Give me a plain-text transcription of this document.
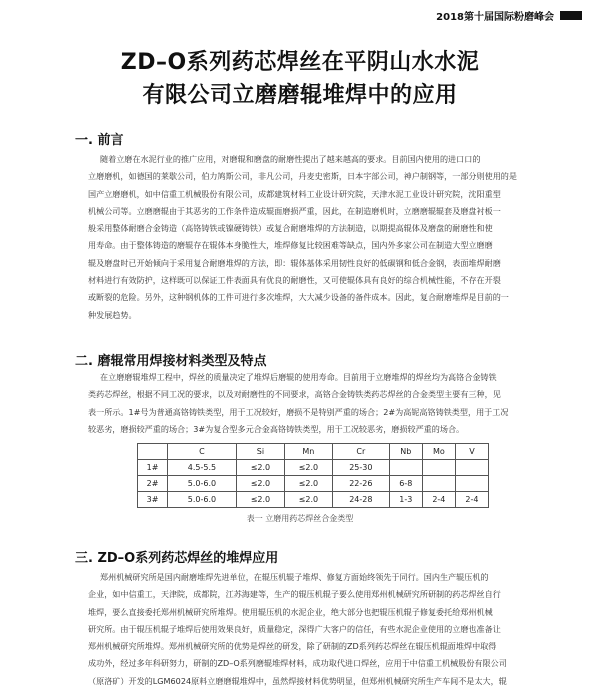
2018第十届国际粉磨峰会
ZD–O系列药芯焊丝在平阴山水水泥
有限公司立磨磨辊堆焊中的应用
一. 前言
随着立磨在水泥行业的推广应用，对磨辊和磨盘的耐磨性提出了越来越高的要求。目前国内使用的进口口的
立磨磨机，如德国的莱歇公司，伯力鸠斯公司，非凡公司，丹麦史密斯，日本宇部公司，神户制钢等，一部分则使用的是
国产立磨磨机，如中信重工机械股份有限公司，成都建筑材料工业设计研究院，天津水泥工业设计研究院，沈阳重型
机械公司等。立磨磨辊由于其恶劣的工作条件造成辊面磨损严重，因此，在制造磨机时，立磨磨辊辊套及磨盘衬板一
般采用整体耐磨合金铸造（高铬铸铁或镍硬铸铁）或复合耐磨堆焊的方法制造，以期提高辊体及磨盘的耐磨性和使
用寿命。由于整体铸造的磨辊存在辊体本身脆性大，堆焊修复比较困难等缺点，国内外多家公司在制造大型立磨磨
辊及磨盘时已开始倾向于采用复合耐磨堆焊的方法，即：辊体基体采用韧性良好的低碳钢和低合金钢，表面堆焊耐磨
材料进行有效防护，这样既可以保证工件表面具有优良的耐磨性，又可使辊体具有良好的综合机械性能，不存在开裂
或断裂的危险。另外，这种钢机体的工件可进行多次堆焊，大大减少设备的备件成本。因此，复合耐磨堆焊是目前的一
种发展趋势。
二. 磨辊常用焊接材料类型及特点
在立磨磨辊堆焊工程中，焊丝的质量决定了堆焊后磨辊的使用寿命。目前用于立磨堆焊的焊丝均为高铬合金铸铁
类药芯焊丝，根据不同工况的要求，以及对耐磨性的不同要求，高铬合金铸铁类药芯焊丝的合金类型主要有三种，见
表一所示。1#号为普通高铬铸铁类型，用于工况较好，磨损不是特别严重的场合；2#为高铌高铬铸铁类型，用于工况
较恶劣，磨损较严重的场合；3#为复合型多元合金高铬铸铁类型，用于工况较恶劣，磨损较严重的场合。
	C	Si	Mn	Cr	Nb	Mo	V
1#	4.5-5.5	≤2.0	≤2.0	25-30			
2#	5.0-6.0	≤2.0	≤2.0	22-26	6-8		
3#	5.0-6.0	≤2.0	≤2.0	24-28	1-3	2-4	2-4
表一 立磨用药芯焊丝合金类型
三. ZD–O系列药芯焊丝的堆焊应用
郑州机械研究所是国内耐磨堆焊先进单位，在辊压机辊子堆焊、修复方面始终领先于同行。国内生产辊压机的
企业，如中信重工，天津院，成都院，江苏海建等，生产的辊压机辊子要么使用郑州机械研究所研制的药芯焊丝自行
堆焊，要么直接委托郑州机械研究所堆焊。使用辊压机的水泥企业，绝大部分也把辊压机辊子修复委托给郑州机械
研究所。由于辊压机辊子堆焊后使用效果良好，质量稳定，深得广大客户的信任，有些水泥企业使用的立磨也准备让
郑州机械研究所堆焊。郑州机械研究所的优势是焊丝的研发，除了研制的ZD系列药芯焊丝在辊压机辊面堆焊中取得
成功外，经过多年科研努力，研制的ZD–O系列磨辊堆焊材料，成功取代进口焊丝，应用于中信重工机械股份有限公司
（原洛矿）开发的LGM6024原料立磨磨辊堆焊中，虽然焊接材料优势明显，但郑州机械研究所生产车间不是太大，辊
